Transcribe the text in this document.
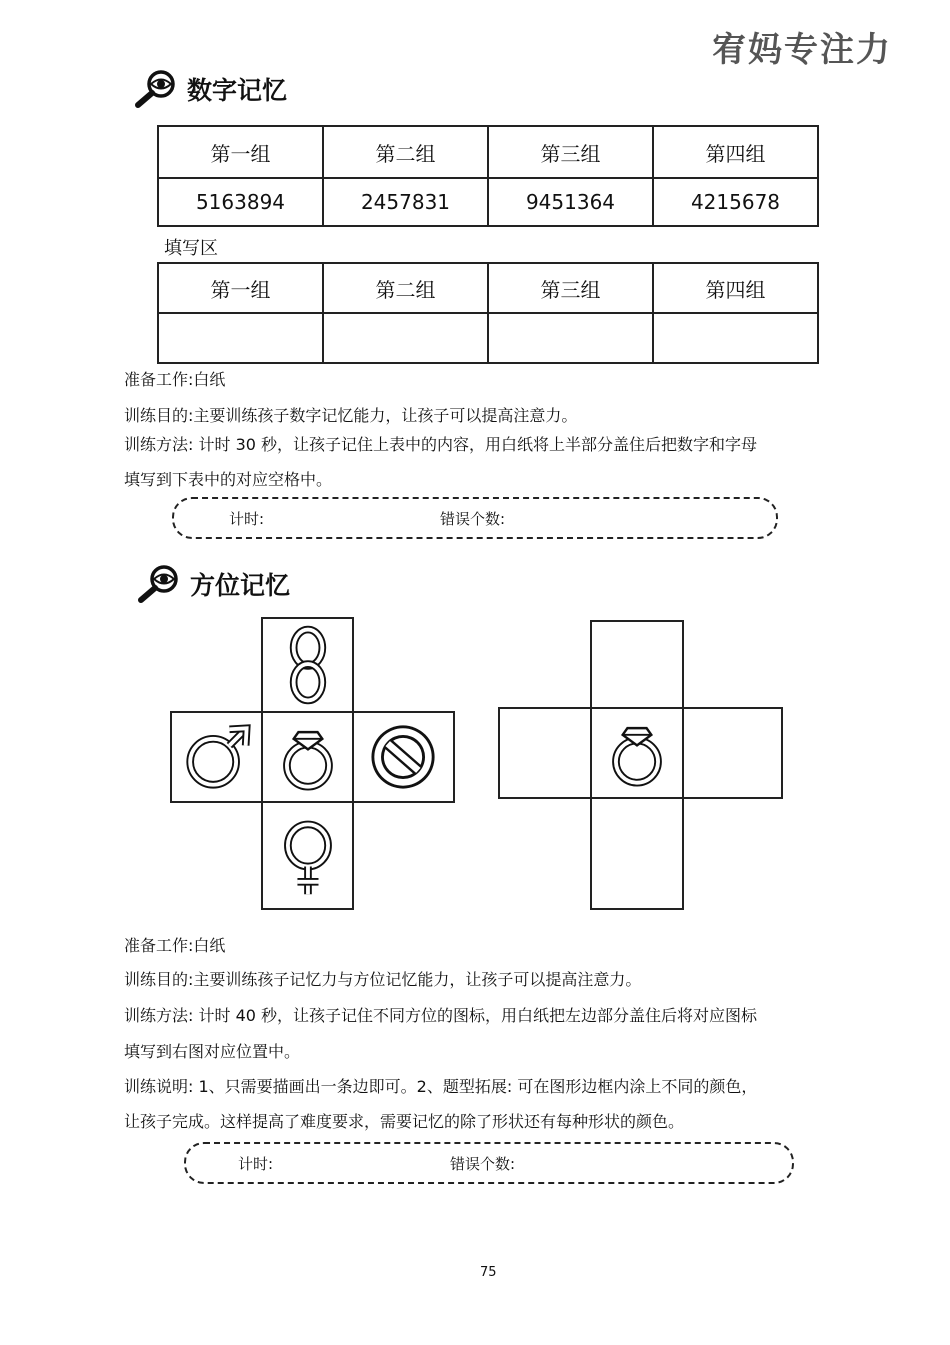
宥妈专注力
数字记忆
第一组	第二组	第三组	第四组
5163894	2457831	9451364	4215678
填写区
第一组	第二组	第三组	第四组

准备工作:白纸
训练目的:主要训练孩子数字记忆能力，让孩子可以提高注意力。
训练方法: 计时 30 秒，让孩子记住上表中的内容，用白纸将上半部分盖住后把数字和字母
填写到下表中的对应空格中。
计时:	错误个数:
方位记忆
准备工作:白纸
训练目的:主要训练孩子记忆力与方位记忆能力，让孩子可以提高注意力。
训练方法: 计时 40 秒，让孩子记住不同方位的图标，用白纸把左边部分盖住后将对应图标
填写到右图对应位置中。
训练说明: 1、只需要描画出一条边即可。2、题型拓展: 可在图形边框内涂上不同的颜色，
让孩子完成。这样提高了难度要求，需要记忆的除了形状还有每种形状的颜色。
计时:	错误个数:
75
